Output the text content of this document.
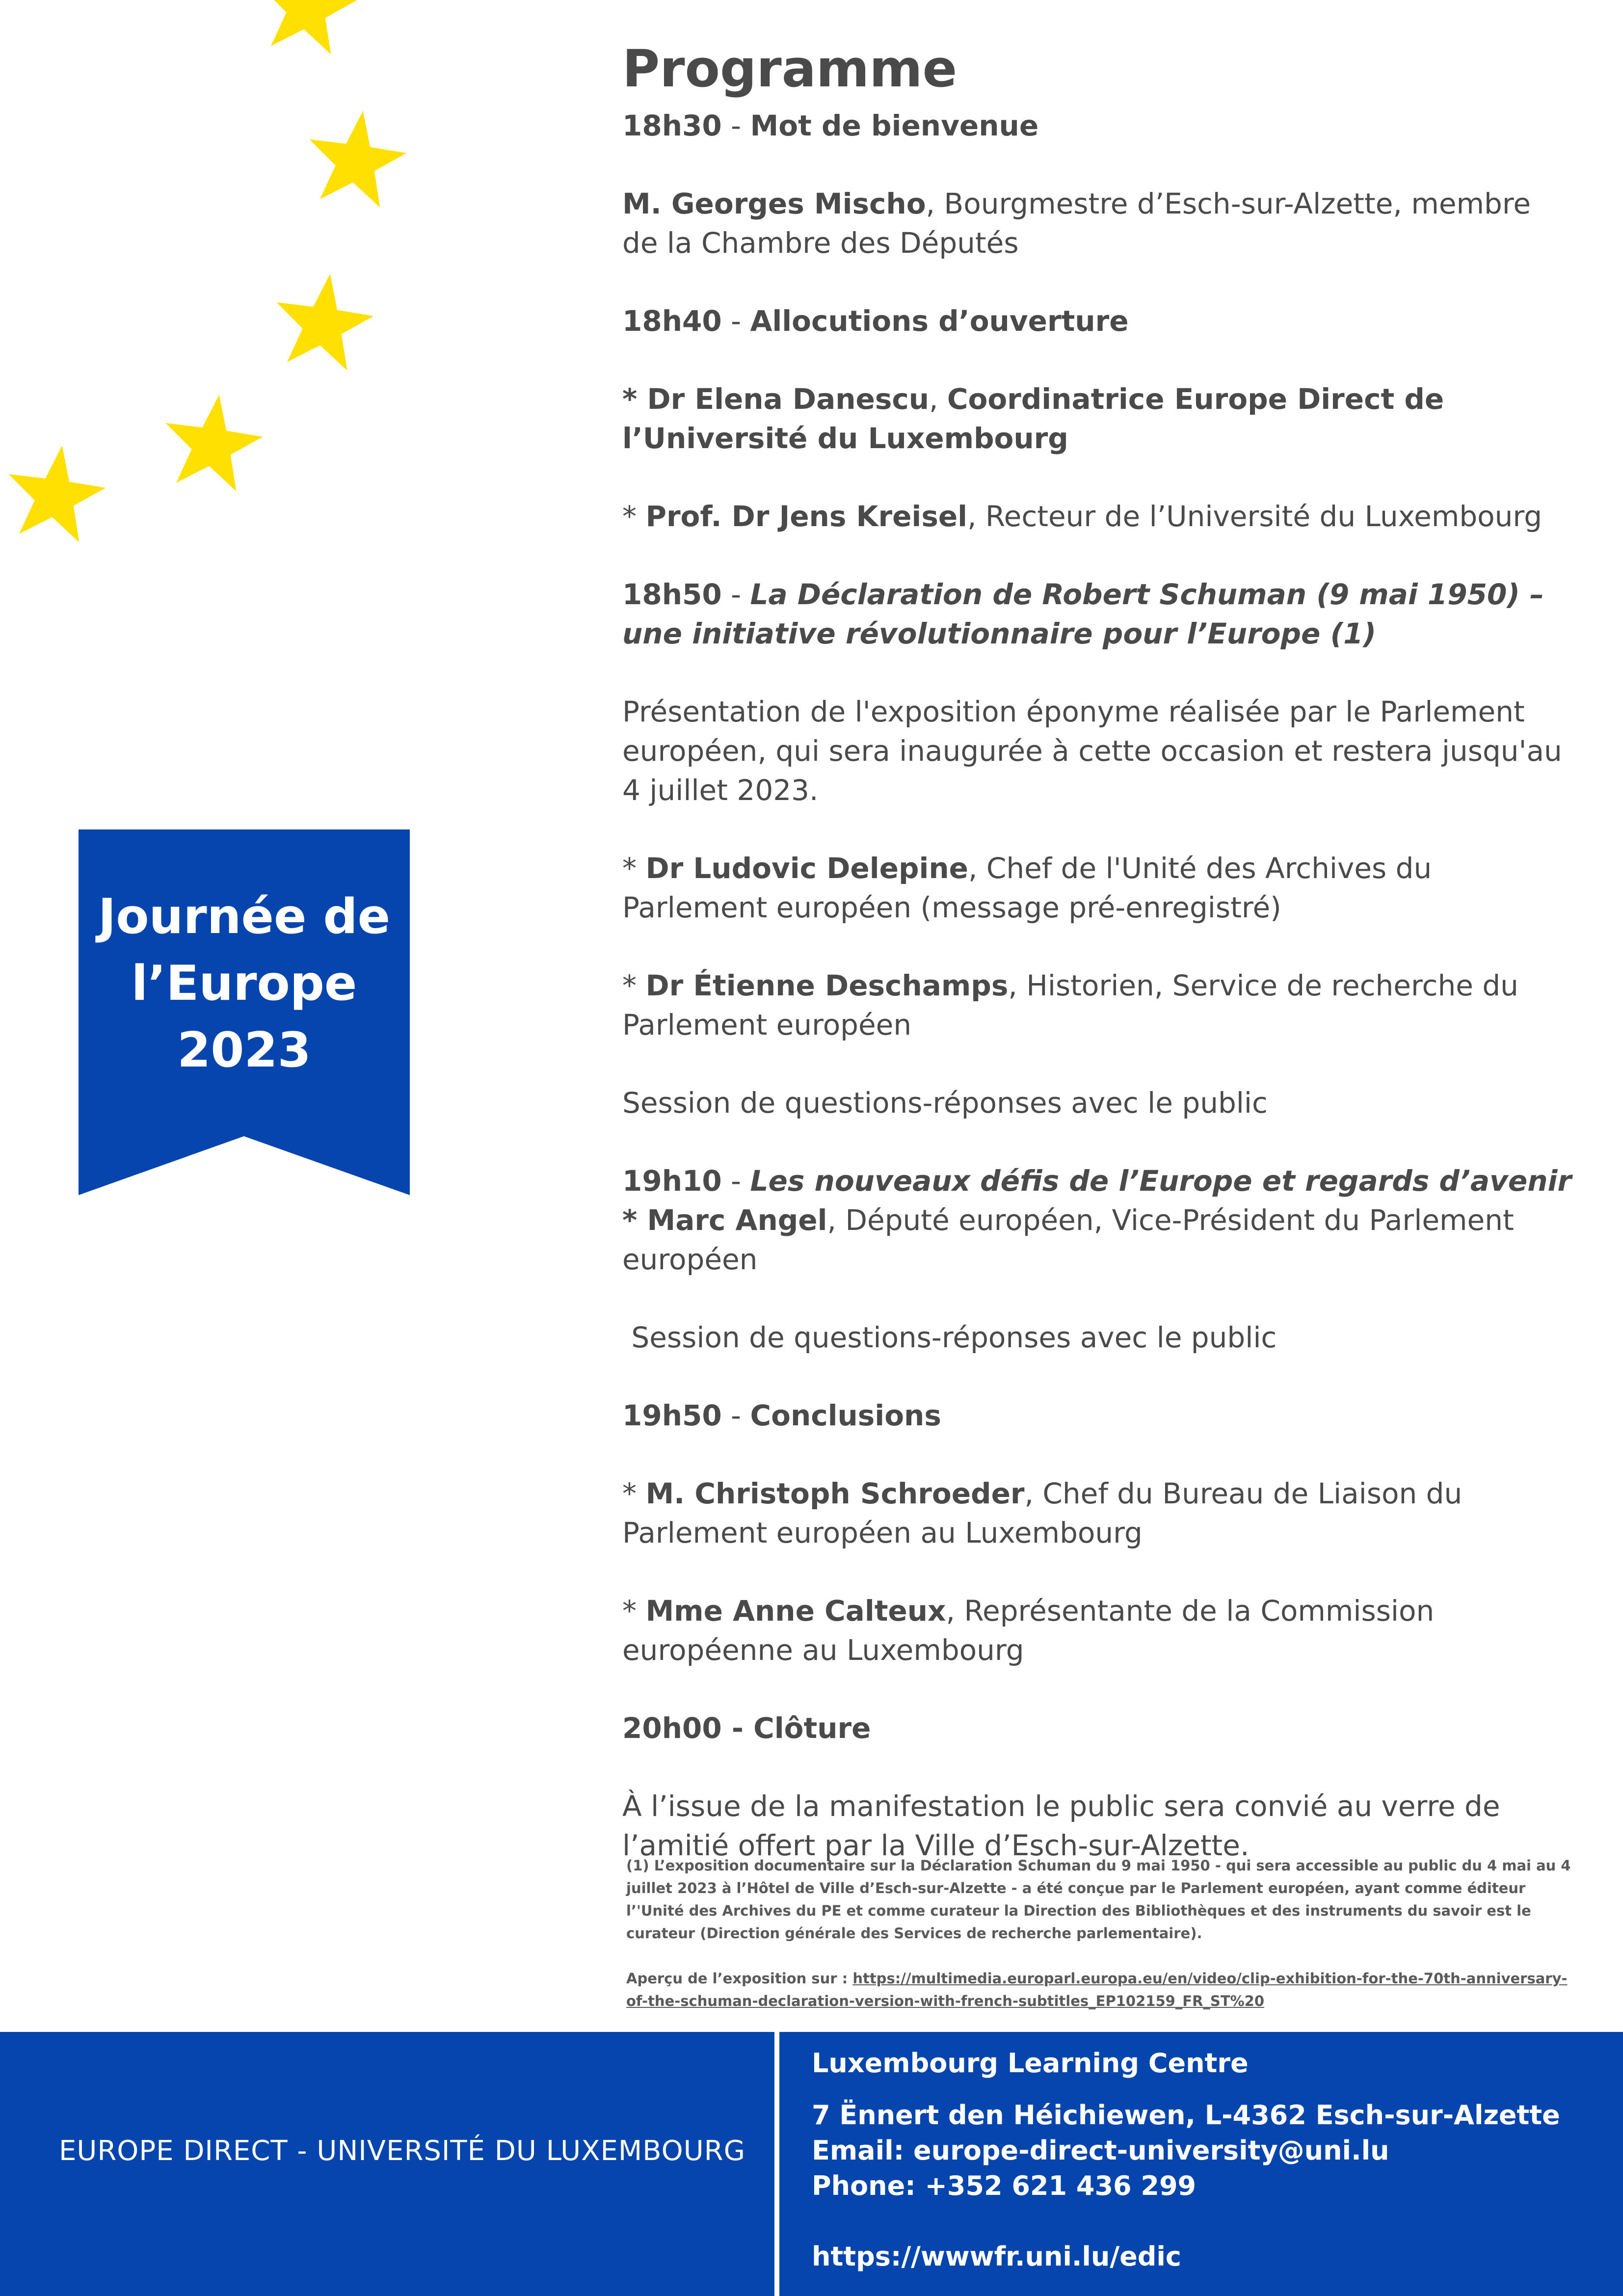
Journée de
l’Europe
2023
Programme

18h30 - Mot de bienvenue

M. Georges Mischo, Bourgmestre d’Esch-sur-Alzette, membre de la Chambre des Députés

18h40 - Allocutions d’ouverture

* Dr Elena Danescu, Coordinatrice Europe Direct de l’Université du Luxembourg

* Prof. Dr Jens Kreisel, Recteur de l’Université du Luxembourg

18h50 - La Déclaration de Robert Schuman (9 mai 1950) – une initiative révolutionnaire pour l’Europe (1)

Présentation de l'exposition éponyme réalisée par le Parlement européen, qui sera inaugurée à cette occasion et restera jusqu'au 4 juillet 2023.

* Dr Ludovic Delepine, Chef de l'Unité des Archives du Parlement européen (message pré-enregistré)

* Dr Étienne Deschamps, Historien, Service de recherche du Parlement européen

Session de questions-réponses avec le public

19h10 - Les nouveaux défis de l’Europe et regards d’avenir

* Marc Angel, Député européen, Vice-Président du Parlement européen

Session de questions-réponses avec le public

19h50 - Conclusions

* M. Christoph Schroeder, Chef du Bureau de Liaison du Parlement européen au Luxembourg

* Mme Anne Calteux, Représentante de la Commission européenne au Luxembourg

20h00 - Clôture

À l’issue de la manifestation le public sera convié au verre de l’amitié offert par la Ville d’Esch-sur-Alzette.

(1) L’exposition documentaire sur la Déclaration Schuman du 9 mai 1950 - qui sera accessible au public du 4 mai au 4 juillet 2023 à l’Hôtel de Ville d’Esch-sur-Alzette - a été conçue par le Parlement européen, ayant comme éditeur l’'Unité des Archives du PE et comme curateur la Direction des Bibliothèques et des instruments du savoir est le curateur (Direction générale des Services de recherche parlementaire).

Aperçu de l’exposition sur : https://multimedia.europarl.europa.eu/en/video/clip-exhibition-for-the-70th-anniversary-of-the-schuman-declaration-version-with-french-subtitles_EP102159_FR_ST%20

EUROPE DIRECT - UNIVERSITÉ DU LUXEMBOURG
Luxembourg Learning Centre
7 Ënnert den Héichiewen, L-4362 Esch-sur-Alzette
Email: europe-direct-university@uni.lu
Phone: +352 621 436 299
https://wwwfr.uni.lu/edic
